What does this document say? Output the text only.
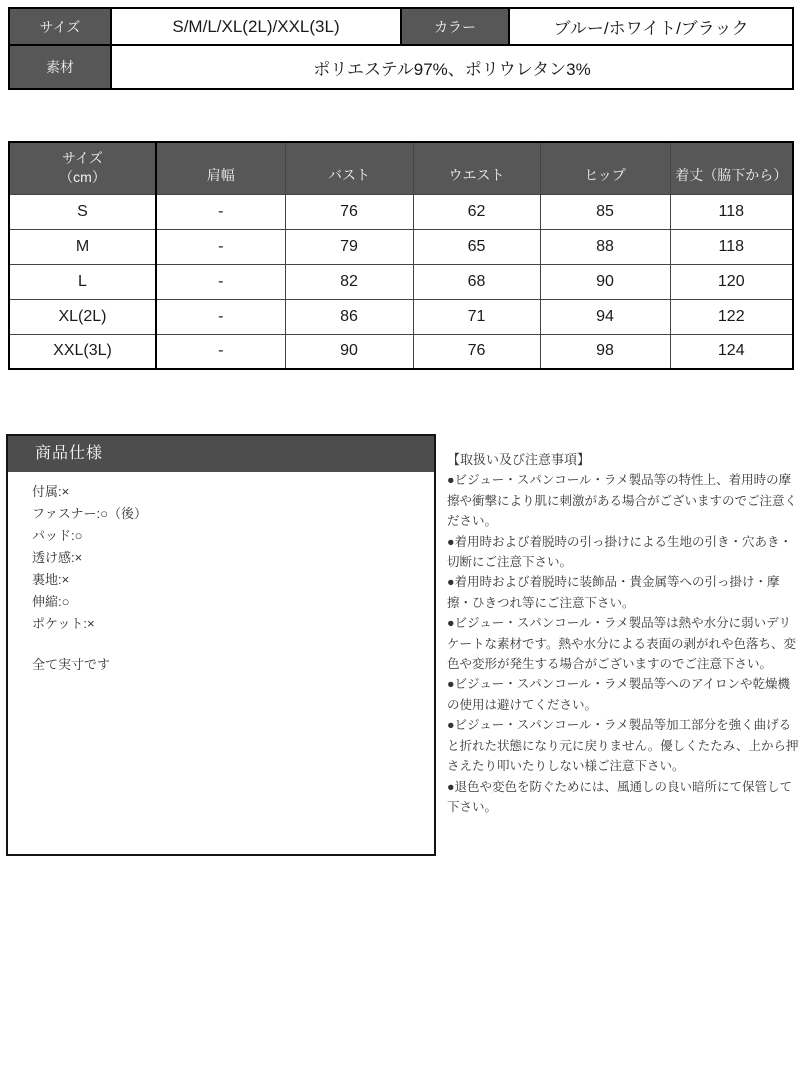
サイズ	S/M/L/XL(2L)/XXL(3L)	カラー	ブルー/ホワイト/ブラック
素材	ポリエステル97%、ポリウレタン3%		
サイズ
（cm）	肩幅	バスト	ウエスト	ヒップ	着丈（脇下から）
S	-	76	62	85	118
M	-	79	65	88	118
L	-	82	68	90	120
XL(2L)	-	86	71	94	122
XXL(3L)	-	90	76	98	124
商品仕様
付属:×
ファスナー:○（後）
パッド:○
透け感:×
裏地:×
伸縮:○
ポケット:×
全て実寸です
【取扱い及び注意事項】

●ビジュー・スパンコール・ラメ製品等の特性上、着用時の摩擦や衝撃により肌に刺激がある場合がございますのでご注意ください。

●着用時および着脱時の引っ掛けによる生地の引き・穴あき・切断にご注意下さい。

●着用時および着脱時に装飾品・貴金属等への引っ掛け・摩擦・ひきつれ等にご注意下さい。

●ビジュー・スパンコール・ラメ製品等は熱や水分に弱いデリケートな素材です。熱や水分による表面の剥がれや色落ち、変色や変形が発生する場合がございますのでご注意下さい。

●ビジュー・スパンコール・ラメ製品等へのアイロンや乾燥機の使用は避けてください。

●ビジュー・スパンコール・ラメ製品等加工部分を強く曲げると折れた状態になり元に戻りません。優しくたたみ、上から押さえたり叩いたりしない様ご注意下さい。

●退色や変色を防ぐためには、風通しの良い暗所にて保管して下さい。
